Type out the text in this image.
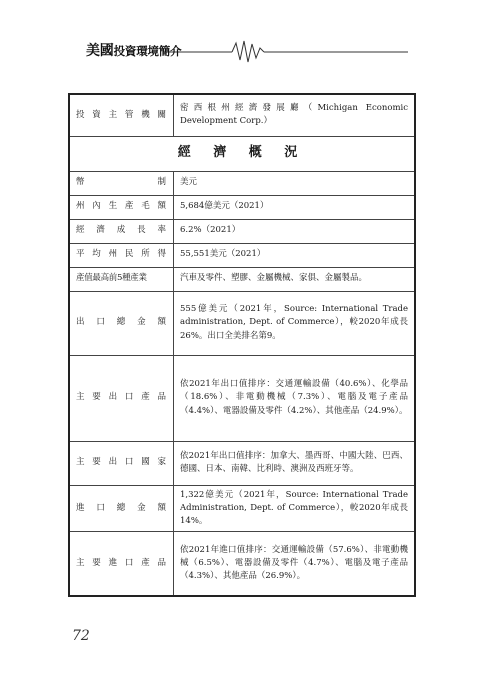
美國投資環境簡介
投 資 主 管 機 關	密西根州經濟發展廳（Michigan Economic Development Corp.）
經 濟 概 況	
幣　　　　　制	美元
州 內 生 產 毛 額	5,684億美元（2021）
經 濟 成 長 率	6.2%（2021）
平 均 州 民 所 得	55,551美元（2021）
產值最高前5種產業	汽車及零件、塑膠、金屬機械、家俱、金屬製品。
出 口 總 金 額	555億美元（2021年，Source: International Trade administration, Dept. of Commerce），較2020年成長26%。出口全美排名第9。
主 要 出 口 產 品	依2021年出口值排序：交通運輸設備（40.6%）、化學品（18.6%）、非電動機械（7.3%）、電腦及電子產品（4.4%）、電器設備及零件（4.2%）、其他產品（24.9%）。
主 要 出 口 國 家	依2021年出口值排序：加拿大、墨西哥、中國大陸、巴西、德國、日本、南韓、比利時、澳洲及西班牙等。
進 口 總 金 額	1,322億美元（2021年，Source: International Trade Administration, Dept. of Commerce），較2020年成長14%。
主 要 進 口 產 品	依2021年進口值排序：交通運輸設備（57.6%）、非電動機械（6.5%）、電器設備及零件（4.7%）、電腦及電子產品（4.3%）、其他產品（26.9%）。
72
